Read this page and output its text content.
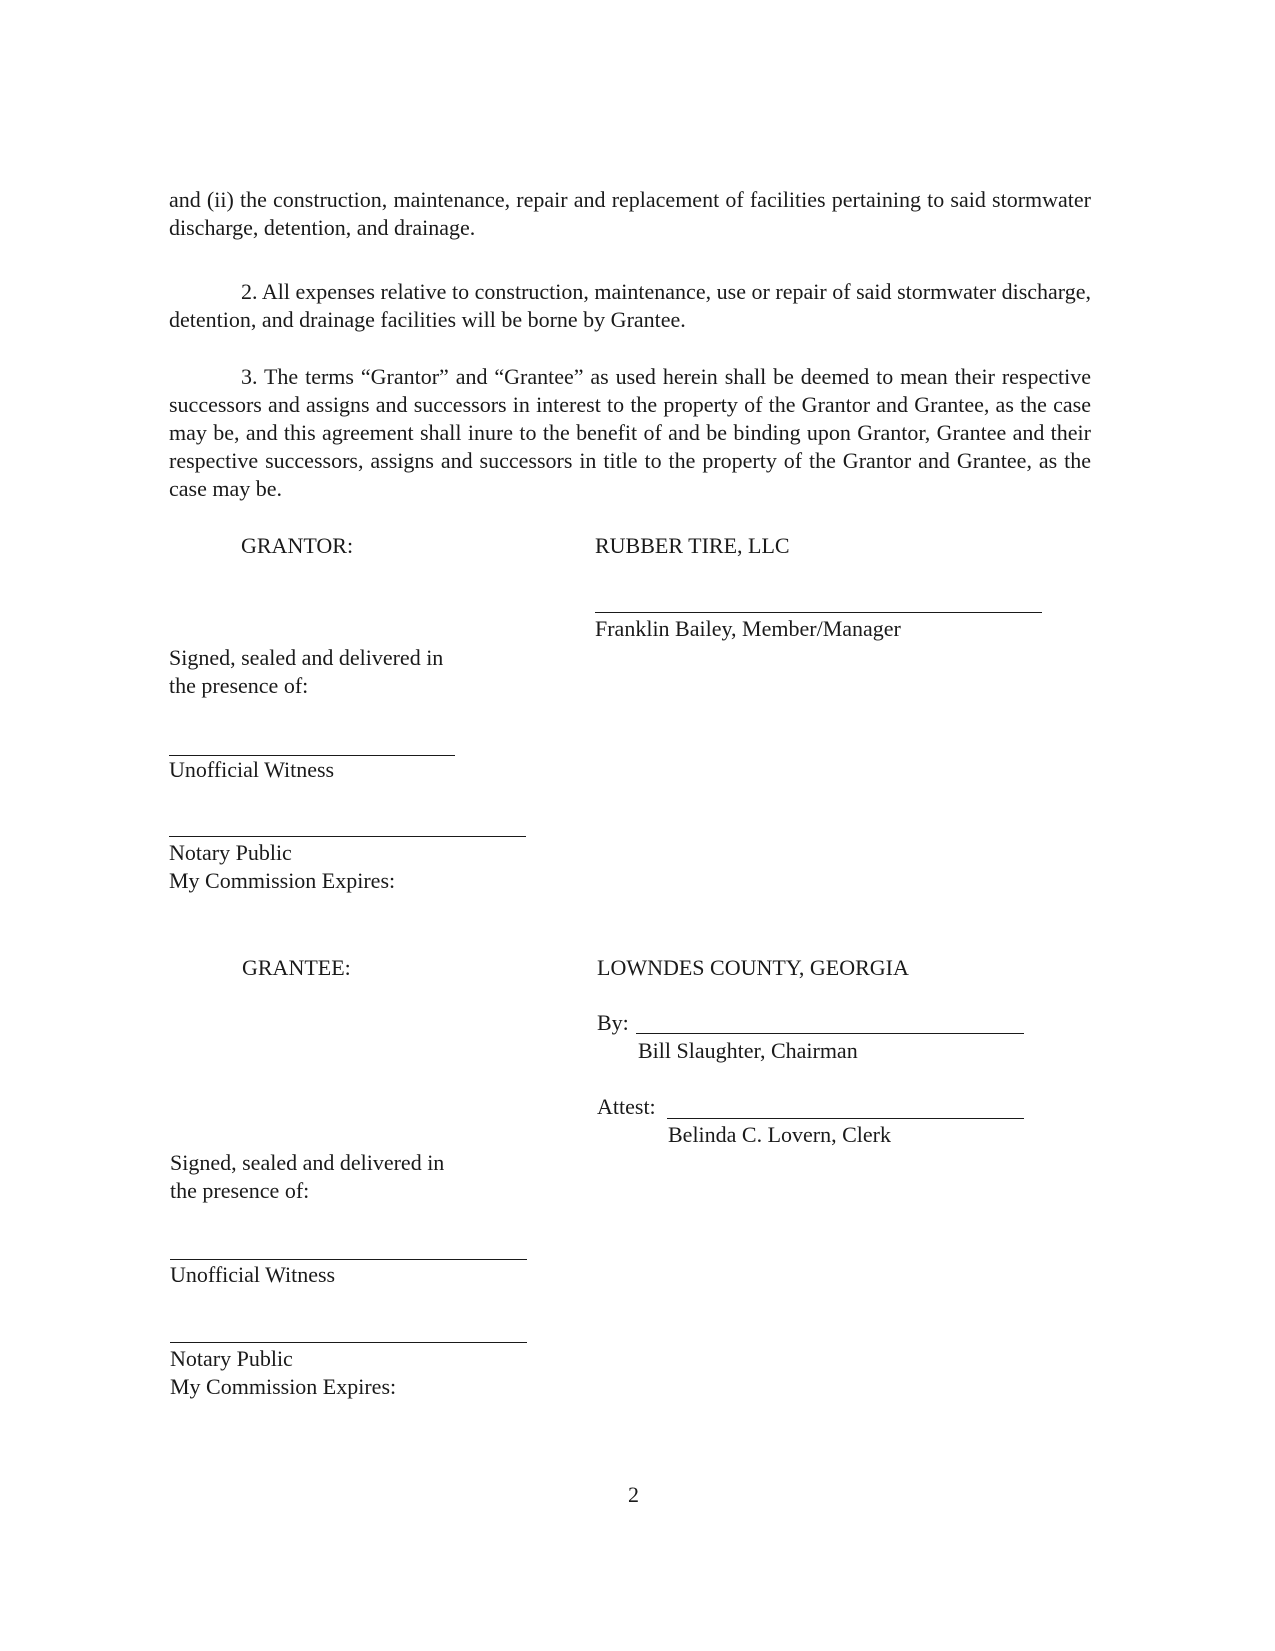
and (ii) the construction, maintenance, repair and replacement of facilities pertaining to said stormwater discharge, detention, and drainage.
2. All expenses relative to construction, maintenance, use or repair of said stormwater discharge, detention, and drainage facilities will be borne by Grantee.
3. The terms “Grantor” and “Grantee” as used herein shall be deemed to mean their respective successors and assigns and successors in interest to the property of the Grantor and Grantee, as the case may be, and this agreement shall inure to the benefit of and be binding upon Grantor, Grantee and their respective successors, assigns and successors in title to the property of the Grantor and Grantee, as the case may be.
GRANTOR:	RUBBER TIRE, LLC
Franklin Bailey, Member/Manager
Signed, sealed and delivered in
the presence of:
Unofficial Witness
Notary Public
My Commission Expires:
GRANTEE:	LOWNDES COUNTY, GEORGIA
By:
Bill Slaughter, Chairman
Attest:
Belinda C. Lovern, Clerk
Signed, sealed and delivered in
the presence of:
Unofficial Witness
Notary Public
My Commission Expires:
2
